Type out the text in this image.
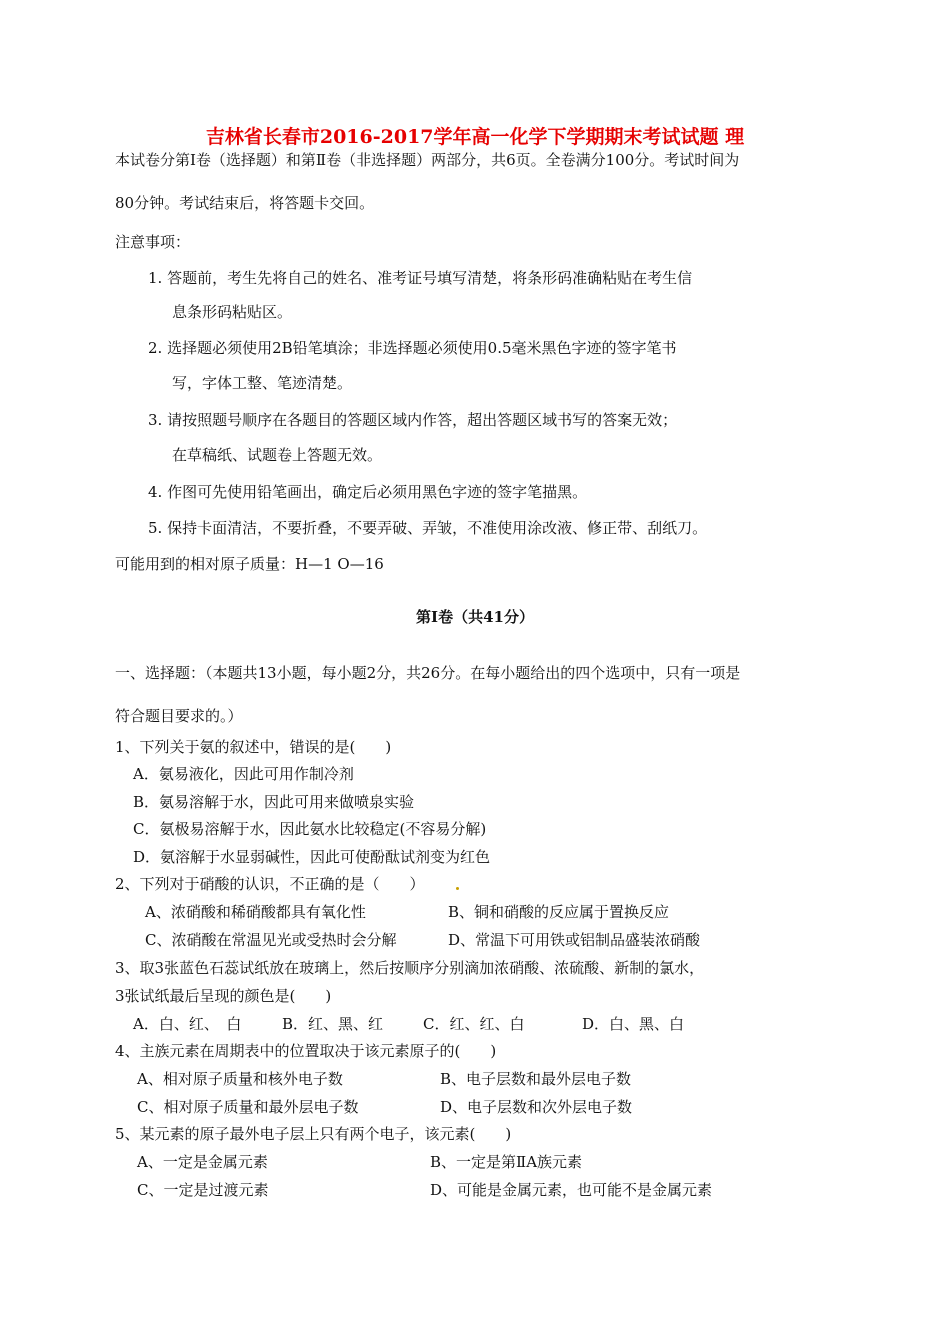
吉林省长春市2016-2017学年高一化学下学期期末考试试题 理
本试卷分第Ⅰ卷（选择题）和第Ⅱ卷（非选择题）两部分，共6页。全卷满分100分。考试时间为
80分钟。考试结束后，将答题卡交回。
注意事项：
1. 答题前，考生先将自己的姓名、准考证号填写清楚，将条形码准确粘贴在考生信
息条形码粘贴区。
2. 选择题必须使用2B铅笔填涂；非选择题必须使用0.5毫米黑色字迹的签字笔书
写，字体工整、笔迹清楚。
3. 请按照题号顺序在各题目的答题区域内作答，超出答题区域书写的答案无效；
在草稿纸、试题卷上答题无效。
4. 作图可先使用铅笔画出，确定后必须用黑色字迹的签字笔描黑。
5. 保持卡面清洁，不要折叠，不要弄破、弄皱，不准使用涂改液、修正带、刮纸刀。
可能用到的相对原子质量：H—1 O—16
第Ⅰ卷（共41分）
一、选择题：（本题共13小题，每小题2分，共26分。在每小题给出的四个选项中，只有一项是
符合题目要求的。）
1、下列关于氨的叙述中，错误的是(　　)
A．氨易液化，因此可用作制冷剂
B．氨易溶解于水，因此可用来做喷泉实验
C．氨极易溶解于水，因此氨水比较稳定(不容易分解)
D．氨溶解于水显弱碱性，因此可使酚酞试剂变为红色
2、下列对于硝酸的认识，不正确的是（　　）
A、浓硝酸和稀硝酸都具有氧化性	B、铜和硝酸的反应属于置换反应
C、浓硝酸在常温见光或受热时会分解	D、常温下可用铁或铝制品盛装浓硝酸
3、取3张蓝色石蕊试纸放在玻璃上，然后按顺序分别滴加浓硝酸、浓硫酸、新制的氯水，
3张试纸最后呈现的颜色是(　　)
A．白、红、　白	B．红、黑、红	C．红、红、白	D．白、黑、白
4、主族元素在周期表中的位置取决于该元素原子的(　　)
A、相对原子质量和核外电子数	B、电子层数和最外层电子数
C、相对原子质量和最外层电子数	D、电子层数和次外层电子数
5、某元素的原子最外电子层上只有两个电子，该元素(　　)
A、一定是金属元素	B、一定是第ⅡA族元素
C、一定是过渡元素	D、可能是金属元素，也可能不是金属元素
